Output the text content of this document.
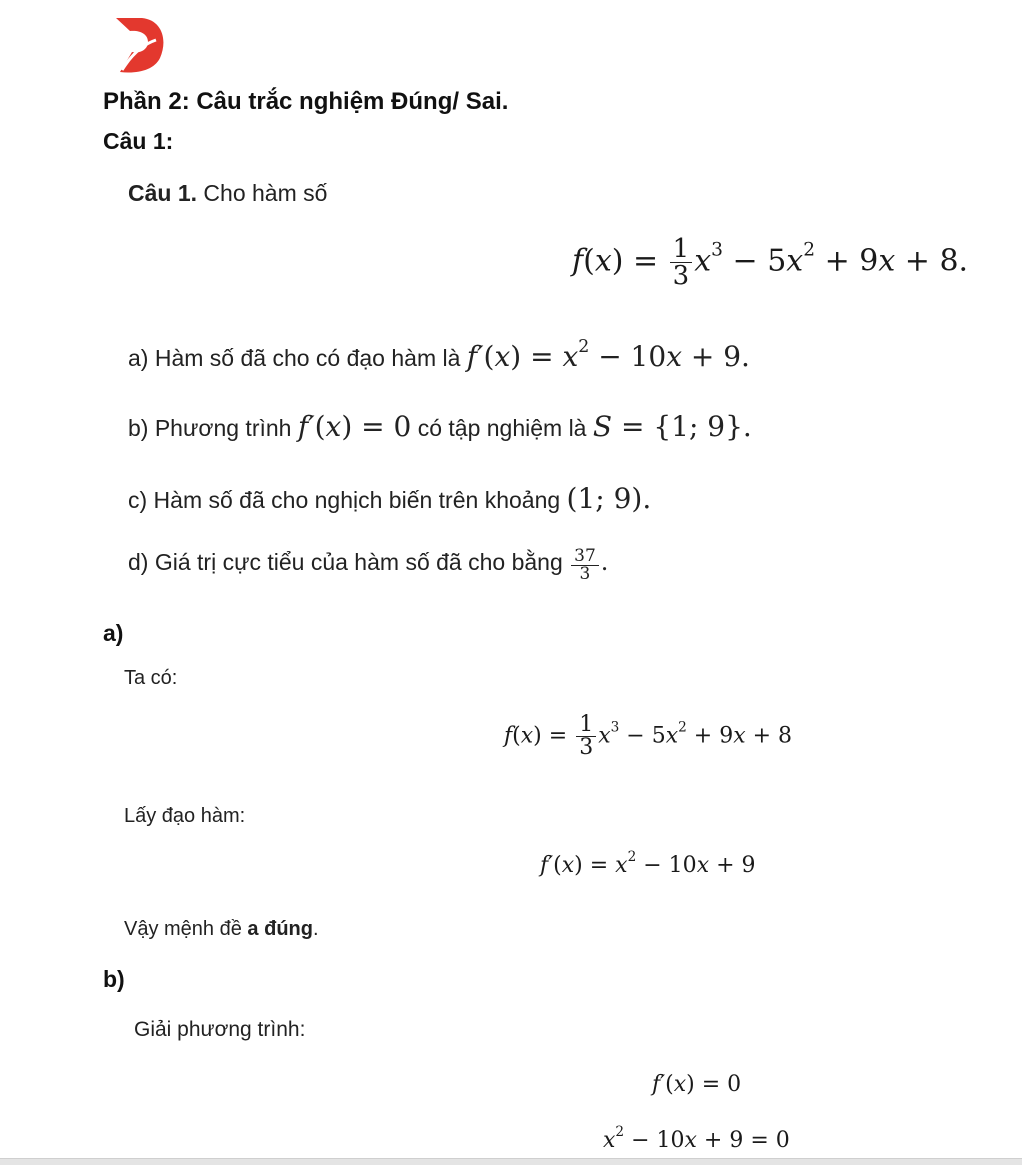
Phần 2: Câu trắc nghiệm Đúng/ Sai.
Câu 1:
Câu 1. Cho hàm số
$f(x) = \frac{1}{3} x^3 - 5x^2 + 9x + 8$.
a) Hàm số đã cho có đạo hàm là $f'(x) = x^2 - 10x + 9$.
b) Phương trình f′(x) = 0 có tập nghiệm là S = {1; 9}.
c) Hàm số đã cho nghịch biến trên khoảng (1; 9).
d) Giá trị cực tiểu của hàm số đã cho bằng $\frac{37}{3}$ .
a)
Ta có:
$f(x) = \frac{1}{3} x^3 - 5x^2 + 9x + 8$
Lấy đạo hàm:
$f'(x) = x^2 - 10x + 9$
Vậy mệnh đề a đúng.
b)
Giải phương trình:
f′(x) = 0
$x^2 - 10x + 9 = 0$
